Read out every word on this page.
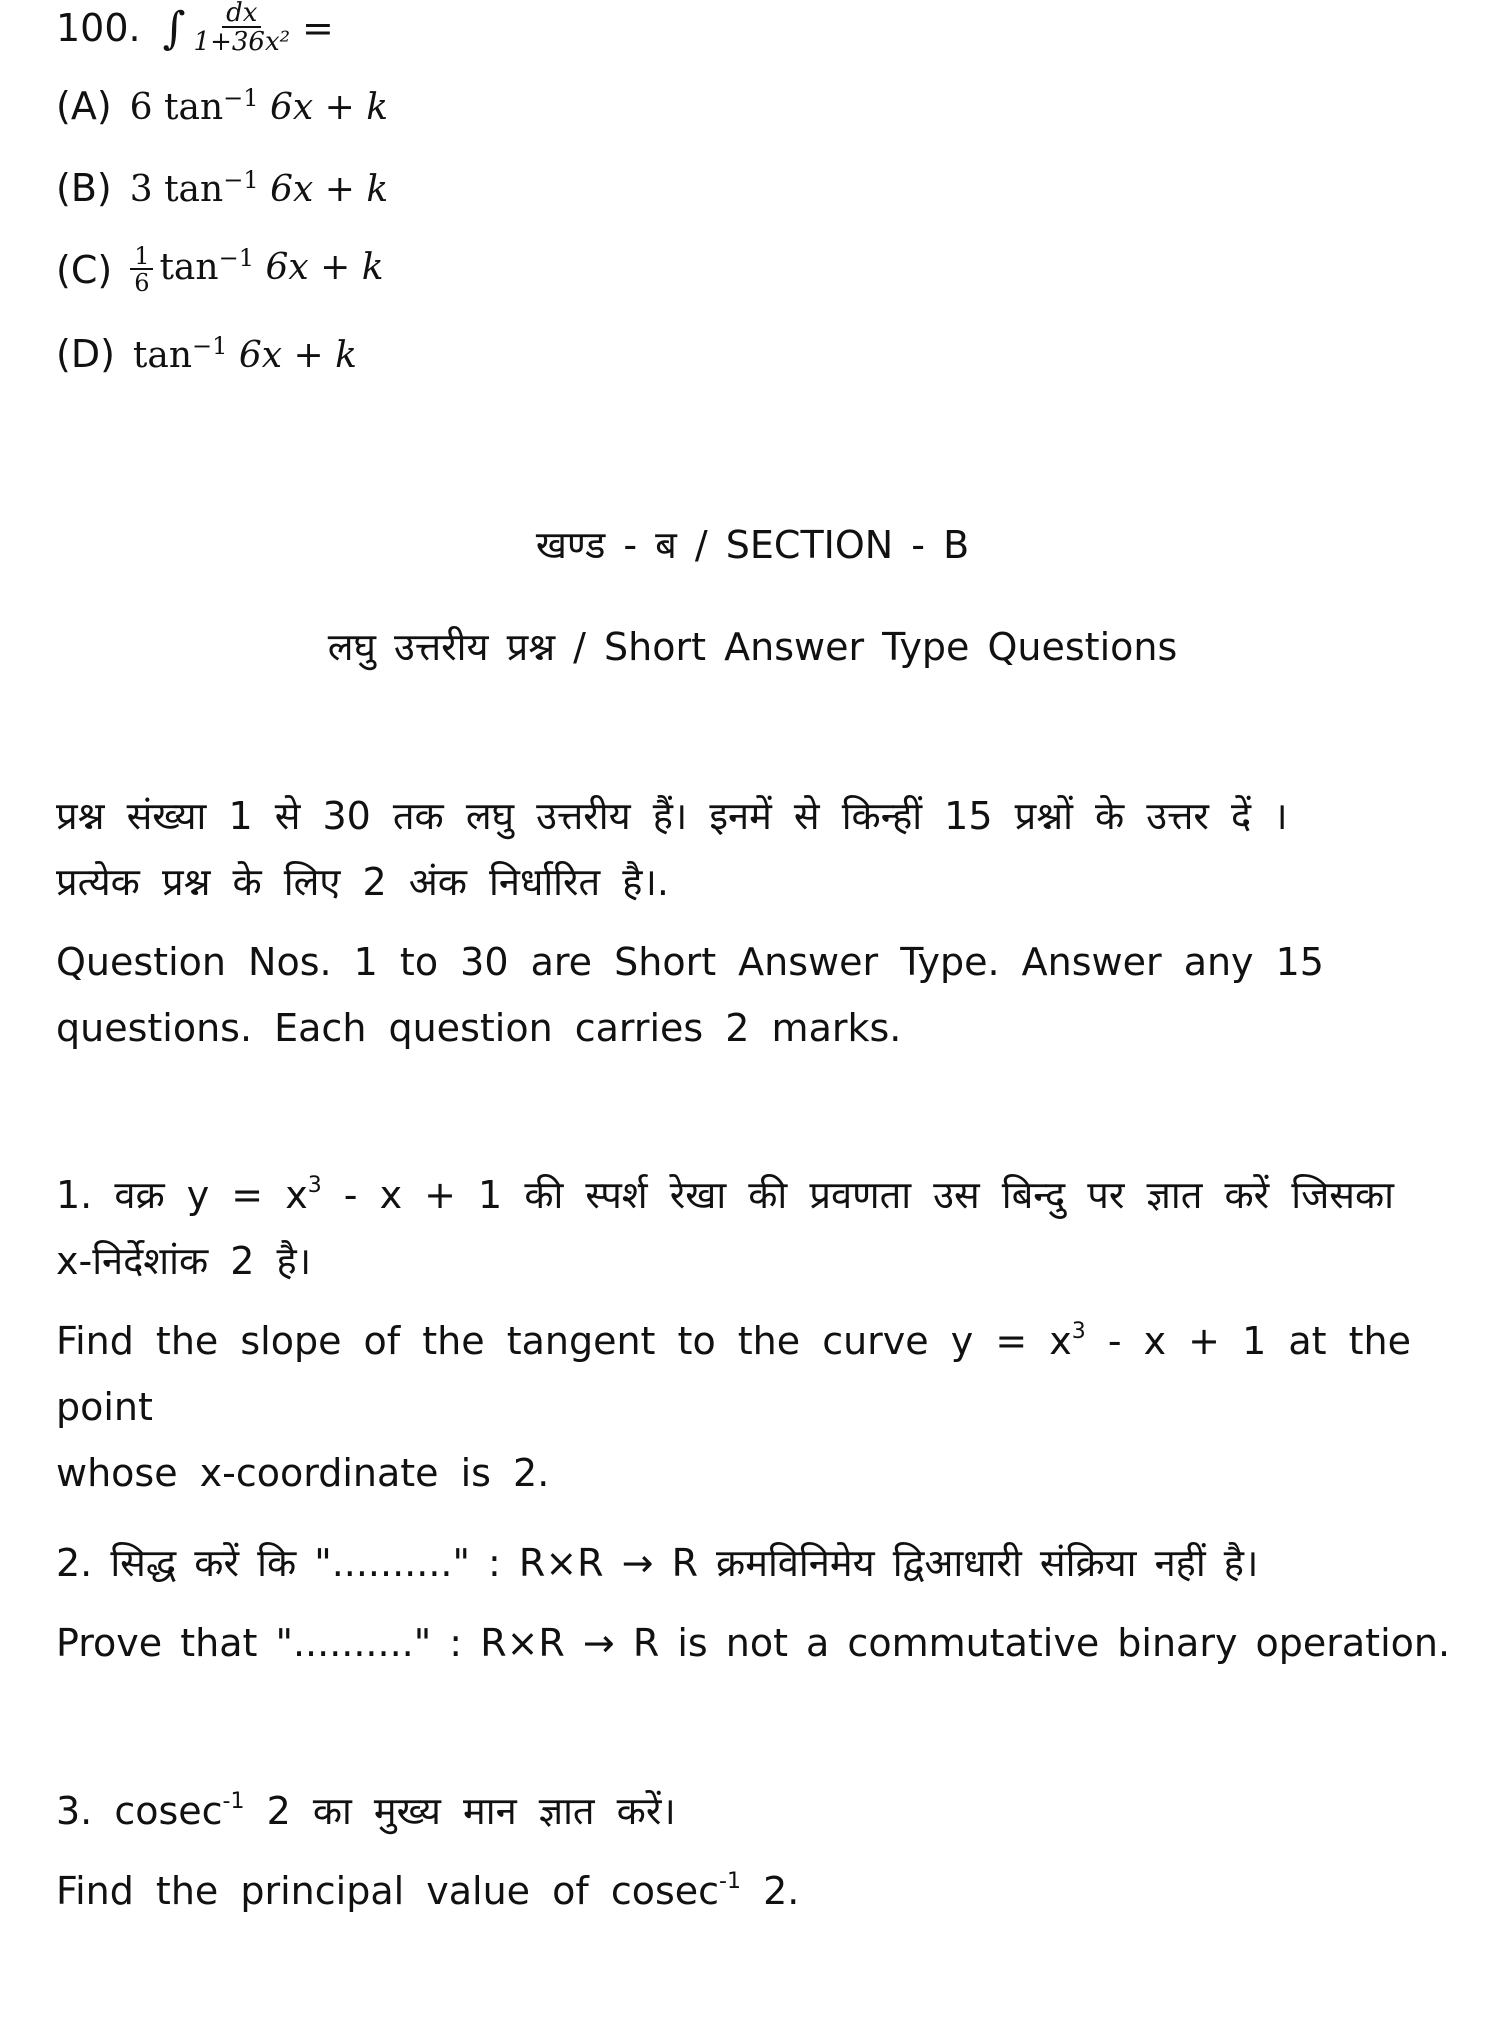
100. ∫ $\frac{dx}{\text{1+36x²}}$ =
(A) 6 $\tan^{-1} 6x + k$
(B) 3 $\tan^{-1} 6x + k$
$(C) \frac{1}{6} \tan^{-1} 6x + k$
(D) $\tan^{-1} 6x + k$
खण्ड - ब / SECTION - B
लघु उत्तरीय प्रश्न / Short Answer Type Questions

प्रश्न संख्या 1 से 30 तक लघु उत्तरीय हैं। इनमें से किन्हीं 15 प्रश्नों के उत्तर दें ।

प्रत्येक प्रश्न के लिए 2 अंक निर्धारित है।.

Question Nos. 1 to 30 are Short Answer Type. Answer any 15

questions. Each question carries 2 marks.

1. वक्र $y = x^3 - x + 1$ की स्पर्श रेखा की प्रवणता उस बिन्दु पर ज्ञात करें जिसका

x-निर्देशांक 2 है।

Find the slope of the tangent to the curve $y = x^3 - x + 1$ at the point

whose x-coordinate is 2.

2. सिद्ध करें कि ".........." : R×R → R क्रमविनिमेय द्विआधारी संक्रिया नहीं है।

Prove that ".........." : R×R → R is not a commutative binary operation.

3. cosec$^{-1}$ 2 का मुख्य मान ज्ञात करें।

Find the principal value of cosec$^{-1}$ 2.
